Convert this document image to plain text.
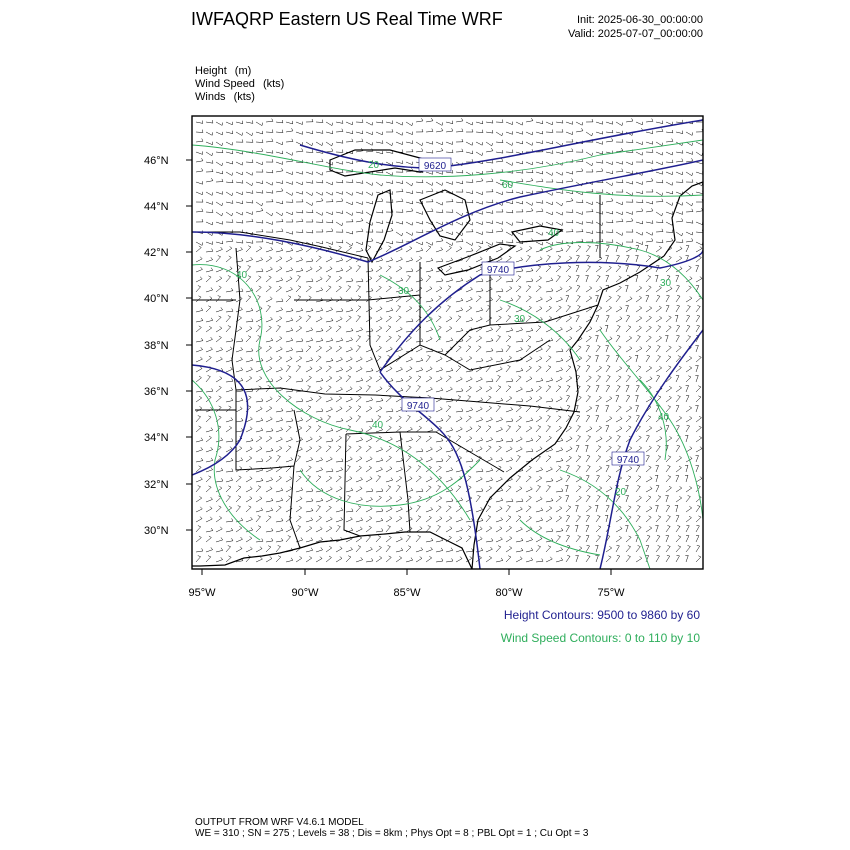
IWFAQRP Eastern US Real Time WRF	Init: 2025-06-30_00:00:00
Valid: 2025-07-07_00:00:00
Height (m)
Wind Speed (kts)
Winds (kts)
9620
9740
9740
9740
60
40
40
30
30
30
40
20
40
20
46°N
44°N
42°N
40°N
38°N
36°N
34°N
32°N
30°N
95°W	90°W	85°W	80°W	75°W
Height Contours: 9500 to 9860 by 60
Wind Speed Contours: 0 to 110 by 10
OUTPUT FROM WRF V4.6.1 MODEL
WE = 310 ; SN = 275 ; Levels = 38 ; Dis = 8km ; Phys Opt = 8 ; PBL Opt = 1 ; Cu Opt = 3
